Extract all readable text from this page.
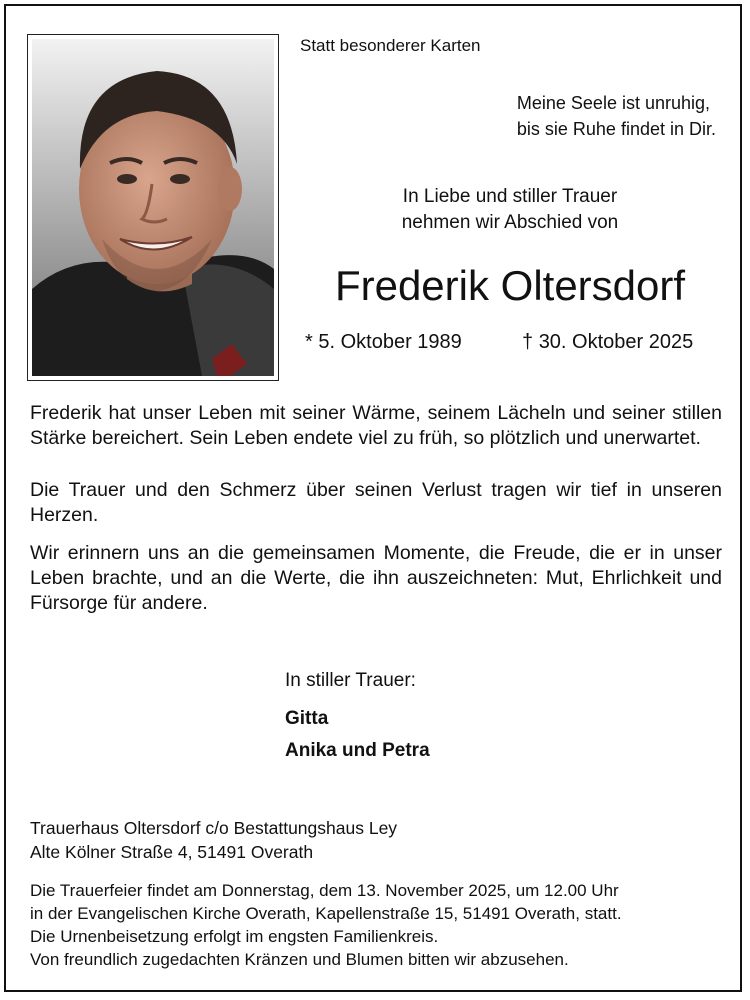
Statt besonderer Karten
Meine Seele ist unruhig,
bis sie Ruhe findet in Dir.
In Liebe und stiller Trauer
nehmen wir Abschied von
Frederik Oltersdorf
* 5. Oktober 1989	† 30. Oktober 2025
Frederik hat unser Leben mit seiner Wärme, seinem Lächeln und seiner stillen Stärke bereichert. Sein Leben endete viel zu früh, so plötzlich und unerwartet.
Die Trauer und den Schmerz über seinen Verlust tragen wir tief in unseren Herzen.
Wir erinnern uns an die gemeinsamen Momente, die Freude, die er in unser Leben brachte, und an die Werte, die ihn auszeichneten: Mut, Ehrlichkeit und Fürsorge für andere.
In stiller Trauer:
Gitta
Anika und Petra
Trauerhaus Oltersdorf c/o Bestattungshaus Ley
Alte Kölner Straße 4, 51491 Overath
Die Trauerfeier findet am Donnerstag, dem 13. November 2025, um 12.00 Uhr
in der Evangelischen Kirche Overath, Kapellenstraße 15, 51491 Overath, statt.
Die Urnenbeisetzung erfolgt im engsten Familienkreis.
Von freundlich zugedachten Kränzen und Blumen bitten wir abzusehen.
